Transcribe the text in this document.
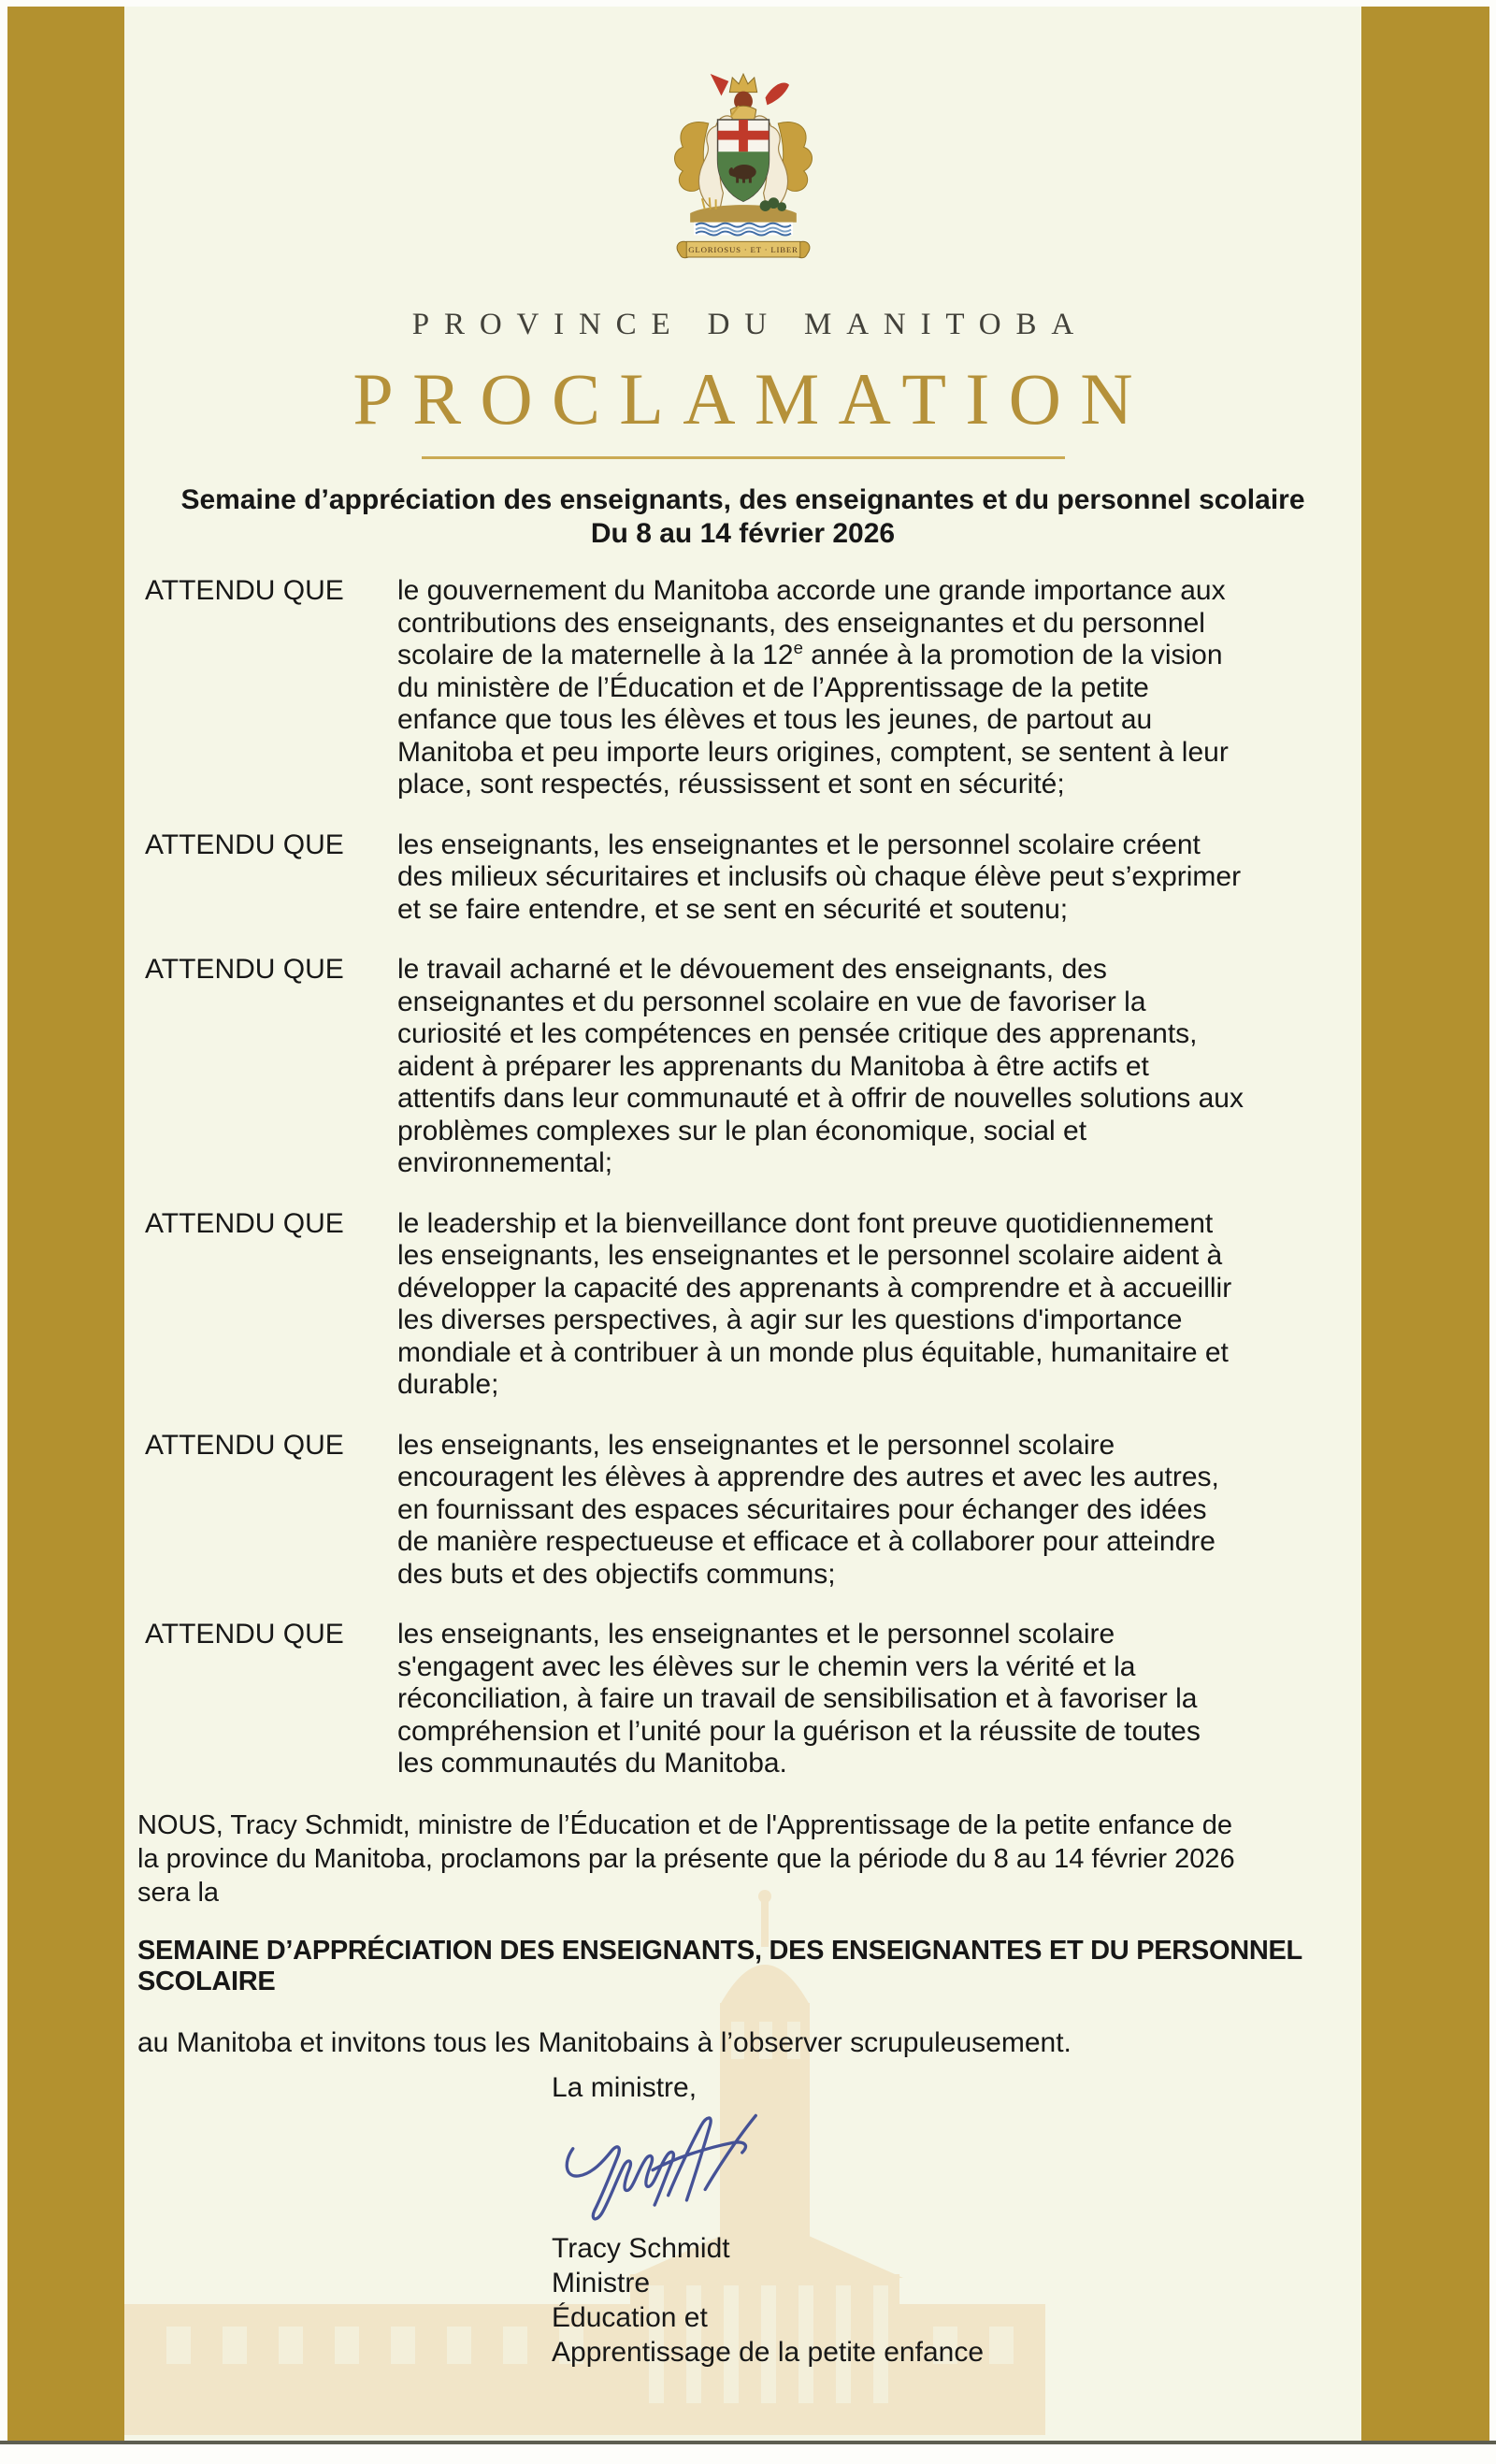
GLORIOSUS · ET · LIBER
PROVINCE DU MANITOBA
PROCLAMATION
Semaine d’appréciation des enseignants, des enseignantes et du personnel scolaire
Du 8 au 14 février 2026
ATTENDU QUE le gouvernement du Manitoba accorde une grande importance aux contributions des enseignants, des enseignantes et du personnel scolaire de la maternelle à la 12e année à la promotion de la vision du ministère de l’Éducation et de l’Apprentissage de la petite enfance que tous les élèves et tous les jeunes, de partout au Manitoba et peu importe leurs origines, comptent, se sentent à leur place, sont respectés, réussissent et sont en sécurité;
ATTENDU QUE les enseignants, les enseignantes et le personnel scolaire créent des milieux sécuritaires et inclusifs où chaque élève peut s’exprimer et se faire entendre, et se sent en sécurité et soutenu;
ATTENDU QUE le travail acharné et le dévouement des enseignants, des enseignantes et du personnel scolaire en vue de favoriser la curiosité et les compétences en pensée critique des apprenants, aident à préparer les apprenants du Manitoba à être actifs et attentifs dans leur communauté et à offrir de nouvelles solutions aux problèmes complexes sur le plan économique, social et environnemental;
ATTENDU QUE le leadership et la bienveillance dont font preuve quotidiennement les enseignants, les enseignantes et le personnel scolaire aident à développer la capacité des apprenants à comprendre et à accueillir les diverses perspectives, à agir sur les questions d'importance mondiale et à contribuer à un monde plus équitable, humanitaire et durable;
ATTENDU QUE les enseignants, les enseignantes et le personnel scolaire encouragent les élèves à apprendre des autres et avec les autres, en fournissant des espaces sécuritaires pour échanger des idées de manière respectueuse et efficace et à collaborer pour atteindre des buts et des objectifs communs;
ATTENDU QUE les enseignants, les enseignantes et le personnel scolaire s'engagent avec les élèves sur le chemin vers la vérité et la réconciliation, à faire un travail de sensibilisation et à favoriser la compréhension et l’unité pour la guérison et la réussite de toutes les communautés du Manitoba.
NOUS, Tracy Schmidt, ministre de l’Éducation et de l'Apprentissage de la petite enfance de la province du Manitoba, proclamons par la présente que la période du 8 au 14 février 2026 sera la
SEMAINE D’APPRÉCIATION DES ENSEIGNANTS, DES ENSEIGNANTES ET DU PERSONNEL SCOLAIRE
au Manitoba et invitons tous les Manitobains à l’observer scrupuleusement.
La ministre,
Tracy Schmidt
Ministre
Éducation et
Apprentissage de la petite enfance
